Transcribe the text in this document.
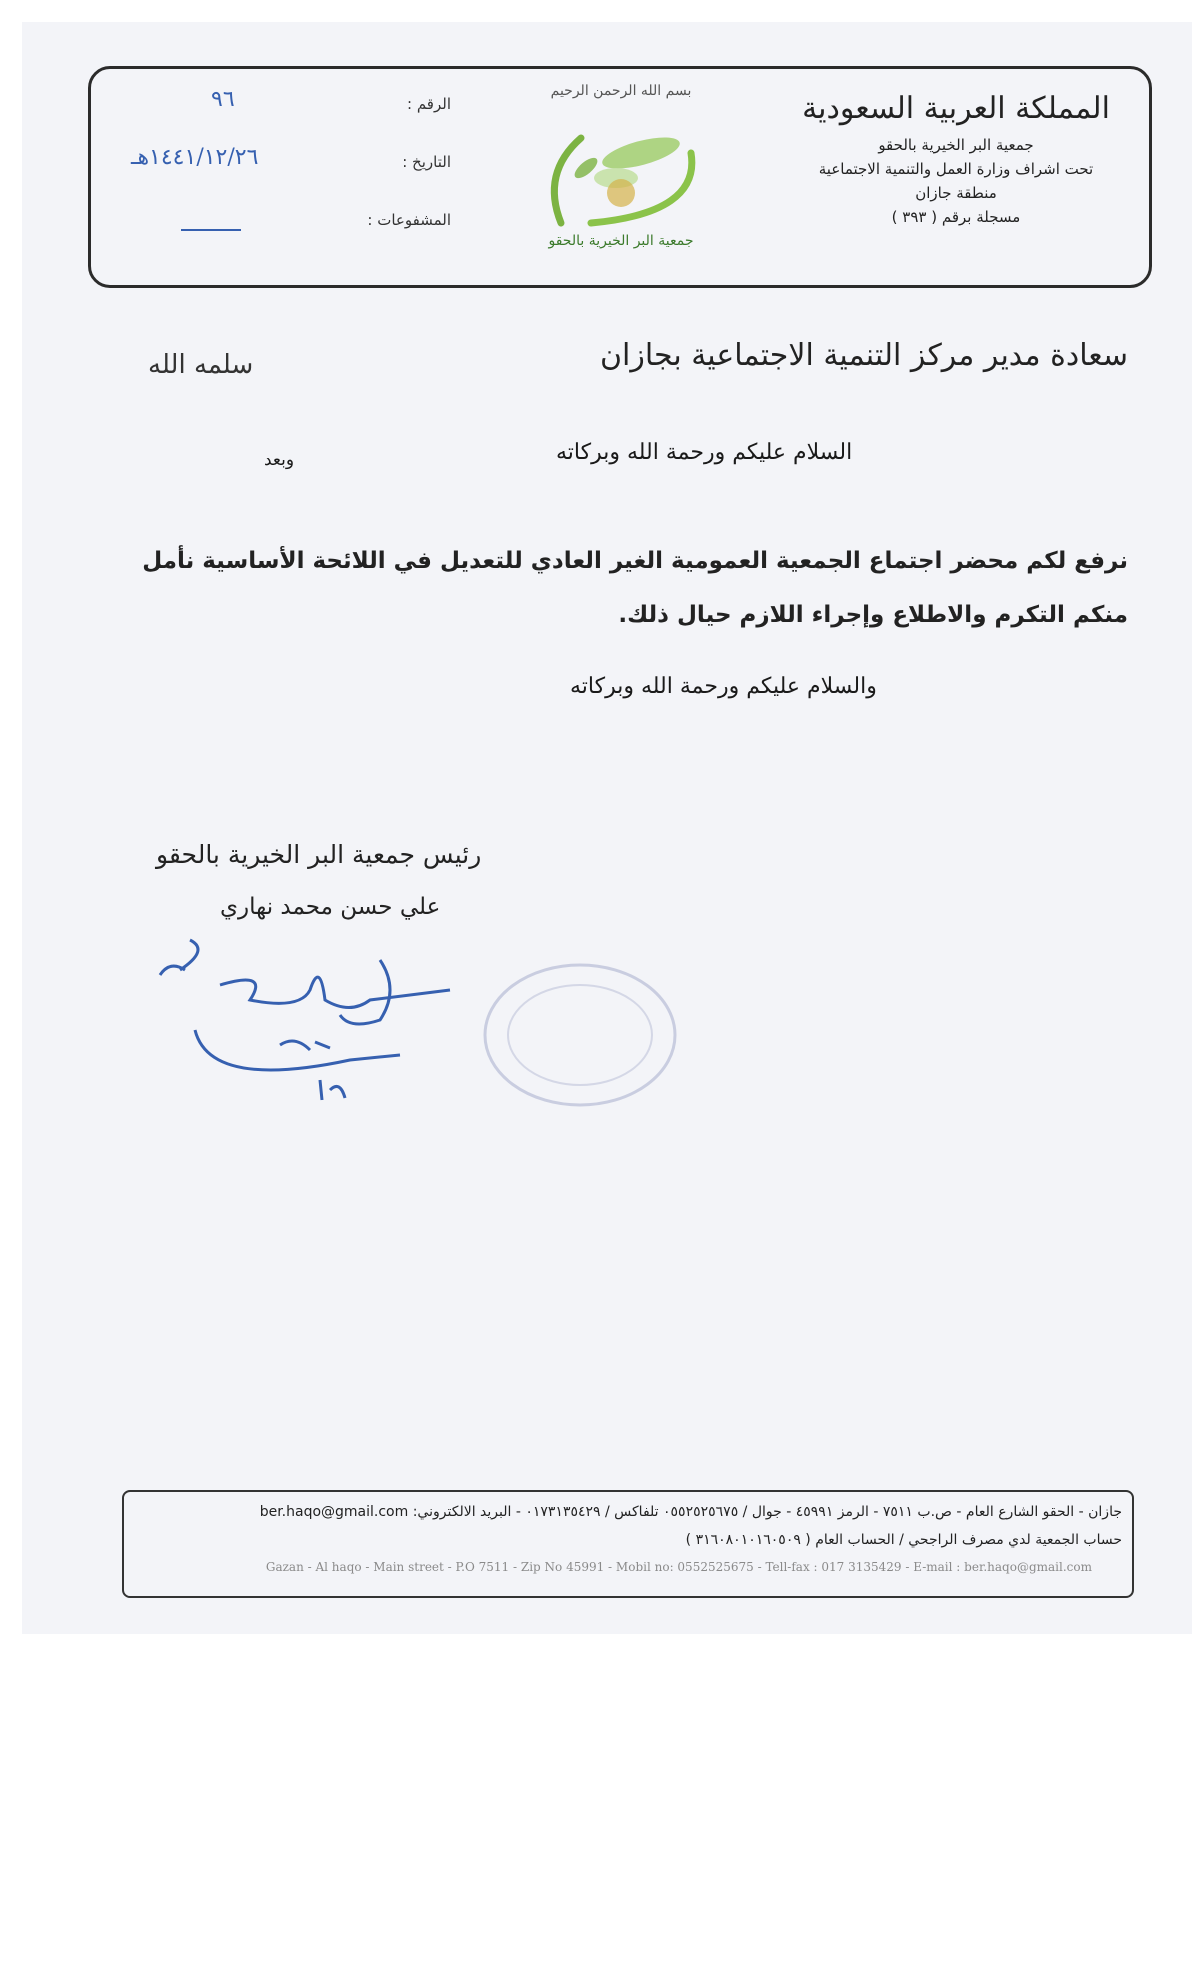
المملكة العربية السعودية
جمعية البر الخيرية بالحقو
تحت اشراف وزارة العمل والتنمية الاجتماعية
منطقة جازان
مسجلة برقم ( ٣٩٣ )
بسم الله الرحمن الرحيم
جمعية البر الخيرية بالحقو
الرقم :
٩٦
التاريخ :
١٤٤١/١٢/٢٦هـ
المشفوعات :
سعادة مدير مركز التنمية الاجتماعية بجازان
سلمه الله
السلام عليكم ورحمة الله وبركاته
وبعد
نرفع لكم محضر اجتماع الجمعية العمومية الغير العادي للتعديل في اللائحة الأساسية نأمل منكم التكرم والاطلاع وإجراء اللازم حيال ذلك.
والسلام عليكم ورحمة الله وبركاته
رئيس جمعية البر الخيرية بالحقو
علي حسن محمد نهاري
جازان - الحقو الشارع العام - ص.ب ٧٥١١ - الرمز ٤٥٩٩١ - جوال / ٠٥٥٢٥٢٥٦٧٥ تلفاكس / ٠١٧٣١٣٥٤٢٩ - البريد الالكتروني: ber.haqo@gmail.com
حساب الجمعية لدي مصرف الراجحي / الحساب العام ( ٣١٦٠٨٠١٠١٦٠٥٠٩ )
Gazan - Al haqo - Main street - P.O 7511 - Zip No 45991 - Mobil no: 0552525675 - Tell-fax : 017 3135429 - E-mail : ber.haqo@gmail.com
